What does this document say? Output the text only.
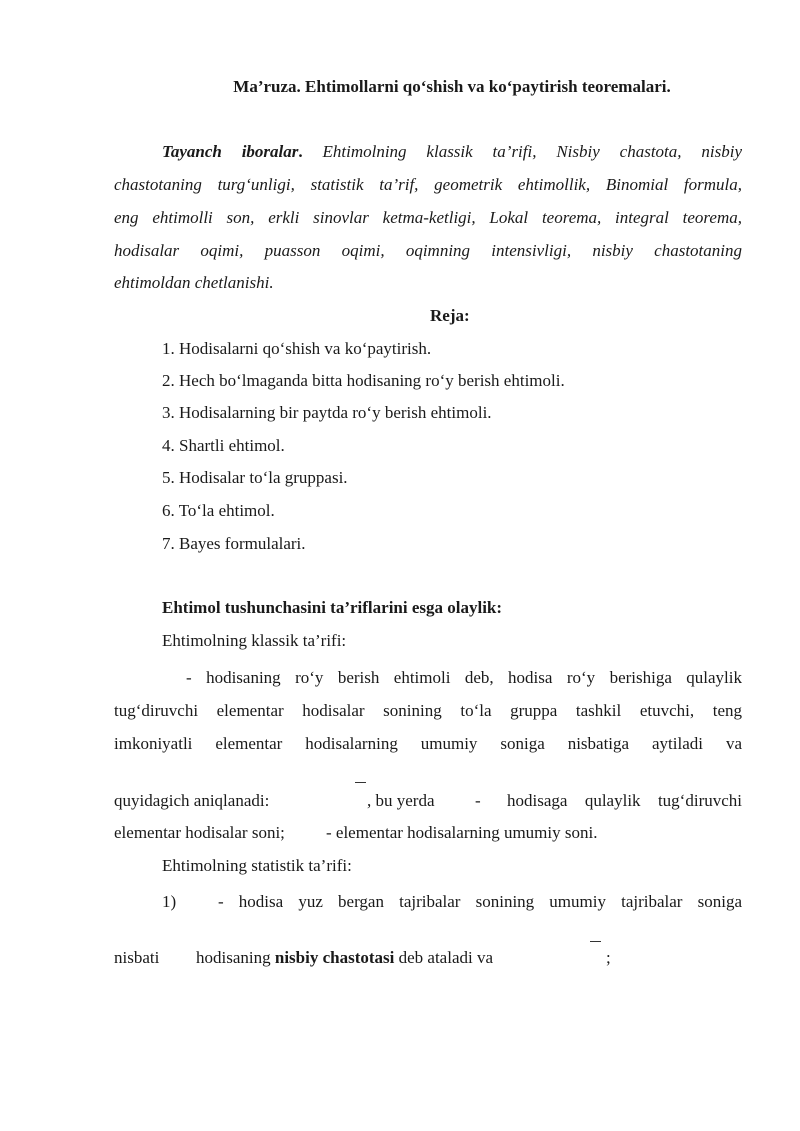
Ma’ruza. Ehtimollarni qo‘shish va ko‘paytirish teoremalari.
Tayanch iboralar. Ehtimolning klassik ta’rifi, Nisbiy chastota, nisbiy
chastotaning turg‘unligi, statistik ta’rif, geometrik ehtimollik, Binomial formula,
eng ehtimolli son, erkli sinovlar ketma-ketligi, Lokal teorema, integral teorema,
hodisalar oqimi, puasson oqimi, oqimning intensivligi, nisbiy chastotaning
ehtimoldan chetlanishi.
Reja:
1. Hodisalarni qo‘shish va ko‘paytirish.
2. Hech bo‘lmaganda bitta hodisaning ro‘y berish ehtimoli.
3. Hodisalarning bir paytda ro‘y berish ehtimoli.
4. Shartli ehtimol.
5. Hodisalar to‘la gruppasi.
6. To‘la ehtimol.
7. Bayes formulalari.
Ehtimol tushunchasini ta’riflarini esga olaylik:
Ehtimolning klassik ta’rifi:
- hodisaning ro‘y berish ehtimoli deb, hodisa ro‘y berishiga qulaylik
tug‘diruvchi elementar hodisalar sonining to‘la gruppa tashkil etuvchi, teng
imkoniyatli elementar hodisalarning umumiy soniga nisbatiga aytiladi va
quyidagich aniqlanadi:	, bu yerda - hodisaga qulaylik tug‘diruvchi
elementar hodisalar soni; - elementar hodisalarning umumiy soni.
Ehtimolning statistik ta’rifi:
1) - hodisa yuz bergan tajribalar sonining umumiy tajribalar soniga
nisbati hodisaning nisbiy chastotasi deb ataladi va	;
